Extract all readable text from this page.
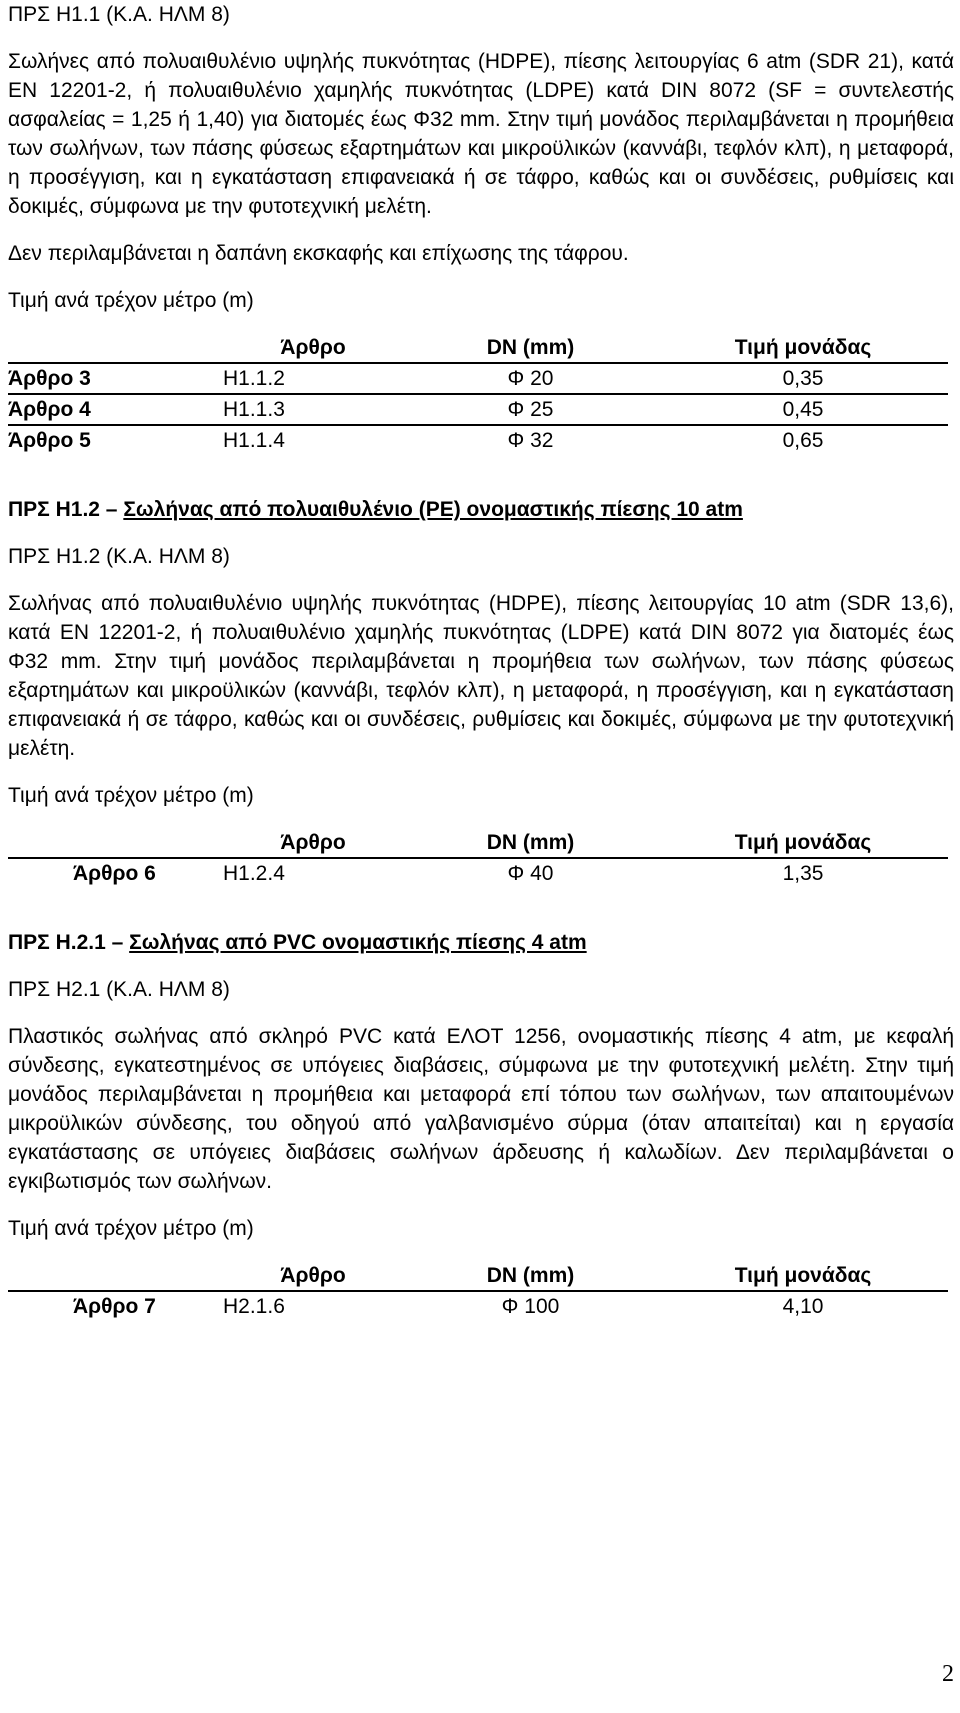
ΠΡΣ Η1.1 (Κ.Α. ΗΛΜ 8)

Σωλήνες από πολυαιθυλένιο υψηλής πυκνότητας (HDPE), πίεσης λειτουργίας 6 atm (SDR 21), κατά ΕΝ 12201-2, ή πολυαιθυλένιο χαμηλής πυκνότητας (LDPE) κατά DIN 8072 (SF = συντελεστής ασφαλείας = 1,25 ή 1,40) για διατομές έως Φ32 mm. Στην τιμή μονάδος περιλαμβάνεται η προμήθεια των σωλήνων, των πάσης φύσεως εξαρτημάτων και μικροϋλικών (καννάβι, τεφλόν κλπ), η μεταφορά, η προσέγγιση, και η εγκατάσταση επιφανειακά ή σε τάφρο, καθώς και οι συνδέσεις, ρυθμίσεις και δοκιμές, σύμφωνα με την φυτοτεχνική μελέτη.

Δεν περιλαμβάνεται η δαπάνη εκσκαφής και επίχωσης της τάφρου.
Τιμή ανά τρέχον μέτρο (m)
	Άρθρο	DN (mm)	Τιμή μονάδας
Άρθρο 3	Η1.1.2	Φ 20	0,35
Άρθρο 4	Η1.1.3	Φ 25	0,45
Άρθρο 5	Η1.1.4	Φ 32	0,65
ΠΡΣ Η1.2 – Σωλήνας από πολυαιθυλένιο (PE) ονομαστικής πίεσης 10 atm
ΠΡΣ Η1.2 (Κ.Α. ΗΛΜ 8)

Σωλήνας από πολυαιθυλένιο υψηλής πυκνότητας (HDPE), πίεσης λειτουργίας 10 atm (SDR 13,6), κατά ΕΝ 12201-2, ή πολυαιθυλένιο χαμηλής πυκνότητας (LDPE) κατά DIN 8072 για διατομές έως Φ32 mm. Στην τιμή μονάδος περιλαμβάνεται η προμήθεια των σωλήνων, των πάσης φύσεως εξαρτημάτων και μικροϋλικών (καννάβι, τεφλόν κλπ), η μεταφορά, η προσέγγιση, και η εγκατάσταση επιφανειακά ή σε τάφρο, καθώς και οι συνδέσεις, ρυθμίσεις και δοκιμές, σύμφωνα με την φυτοτεχνική μελέτη.

Τιμή ανά τρέχον μέτρο (m)
	Άρθρο	DN (mm)	Τιμή μονάδας
Άρθρο 6	Η1.2.4	Φ 40	1,35
ΠΡΣ Η.2.1 – Σωλήνας από PVC ονομαστικής πίεσης 4 atm
ΠΡΣ Η2.1 (Κ.Α. ΗΛΜ 8)

Πλαστικός σωλήνας από σκληρό PVC κατά ΕΛΟΤ 1256, ονομαστικής πίεσης 4 atm, με κεφαλή σύνδεσης, εγκατεστημένος σε υπόγειες διαβάσεις, σύμφωνα με την φυτοτεχνική μελέτη. Στην τιμή μονάδος περιλαμβάνεται η προμήθεια και μεταφορά επί τόπου των σωλήνων, των απαιτουμένων μικροϋλικών σύνδεσης, του οδηγού από γαλβανισμένο σύρμα (όταν απαιτείται) και η εργασία εγκατάστασης σε υπόγειες διαβάσεις σωλήνων άρδευσης ή καλωδίων. Δεν περιλαμβάνεται ο εγκιβωτισμός των σωλήνων.

Τιμή ανά τρέχον μέτρο (m)
	Άρθρο	DN (mm)	Τιμή μονάδας
Άρθρο 7	Η2.1.6	Φ 100	4,10
2
